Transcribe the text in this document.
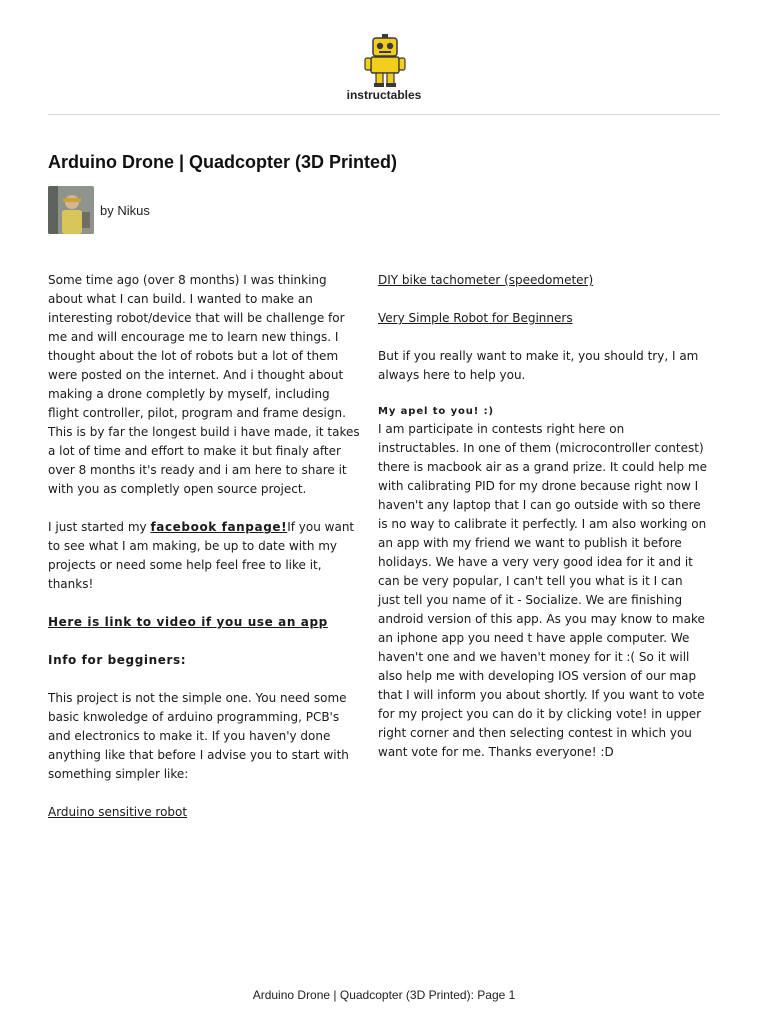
instructables
Arduino Drone | Quadcopter (3D Printed)
by Nikus

Some time ago (over 8 months) I was thinking about what I can build. I wanted to make an interesting robot/device that will be challenge for me and will encourage me to learn new things. I thought about the lot of robots but a lot of them were posted on the internet. And i thought about making a drone completly by myself, including flight controller, pilot, program and frame design. This is by far the longest build i have made, it takes a lot of time and effort to make it but finaly after over 8 months it's ready and i am here to share it with you as completly open source project.

I just started my facebook fanpage!If you want to see what I am making, be up to date with my projects or need some help feel free to like it, thanks!

Here is link to video if you use an app

Info for begginers:

This project is not the simple one. You need some basic knwoledge of arduino programming, PCB's and electronics to make it. If you haven'y done anything like that before I advise you to start with something simpler like:

Arduino sensitive robot

DIY bike tachometer (speedometer)

Very Simple Robot for Beginners

But if you really want to make it, you should try, I am always here to help you.

My apel to you! :)

I am participate in contests right here on instructables. In one of them (microcontroller contest) there is macbook air as a grand prize. It could help me with calibrating PID for my drone because right now I haven't any laptop that I can go outside with so there is no way to calibrate it perfectly. I am also working on an app with my friend we want to publish it before holidays. We have a very very good idea for it and it can be very popular, I can't tell you what is it I can just tell you name of it - Socialize. We are finishing android version of this app. As you may know to make an iphone app you need t have apple computer. We haven't one and we haven't money for it :( So it will also help me with developing IOS version of our map that I will inform you about shortly. If you want to vote for my project you can do it by clicking vote! in upper right corner and then selecting contest in which you want vote for me. Thanks everyone! :D

Arduino Drone | Quadcopter (3D Printed): Page 1
